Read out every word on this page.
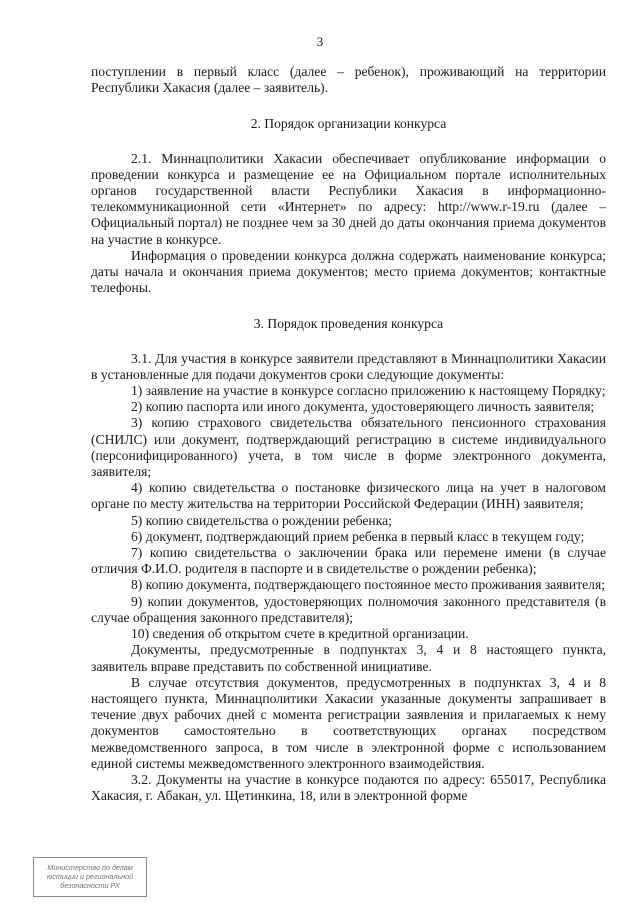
3

поступлении в первый класс (далее – ребенок), проживающий на территории Республики Хакасия (далее – заявитель).

2. Порядок организации конкурса

2.1. Миннацполитики Хакасии обеспечивает опубликование информации о проведении конкурса и размещение ее на Официальном портале исполнительных органов государственной власти Республики Хакасия в информационно-телекоммуникационной сети «Интернет» по адресу: http://www.r-19.ru (далее – Официальный портал) не позднее чем за 30 дней до даты окончания приема документов на участие в конкурсе.

Информация о проведении конкурса должна содержать наименование конкурса; даты начала и окончания приема документов; место приема документов; контактные телефоны.

3. Порядок проведения конкурса

3.1. Для участия в конкурсе заявители представляют в Миннацполитики Хакасии в установленные для подачи документов сроки следующие документы:

1) заявление на участие в конкурсе согласно приложению к настоящему Порядку;

2) копию паспорта или иного документа, удостоверяющего личность заявителя;

3) копию страхового свидетельства обязательного пенсионного страхования (СНИЛС) или документ, подтверждающий регистрацию в системе индивидуального (персонифицированного) учета, в том числе в форме электронного документа, заявителя;

4) копию свидетельства о постановке физического лица на учет в налоговом органе по месту жительства на территории Российской Федерации (ИНН) заявителя;

5) копию свидетельства о рождении ребенка;

6) документ, подтверждающий прием ребенка в первый класс в текущем году;

7) копию свидетельства о заключении брака или перемене имени (в случае отличия Ф.И.О. родителя в паспорте и в свидетельстве о рождении ребенка);

8) копию документа, подтверждающего постоянное место проживания заявителя;

9) копии документов, удостоверяющих полномочия законного представителя (в случае обращения законного представителя);

10) сведения об открытом счете в кредитной организации.

Документы, предусмотренные в подпунктах 3, 4 и 8 настоящего пункта, заявитель вправе представить по собственной инициативе.

В случае отсутствия документов, предусмотренных в подпунктах 3, 4 и 8 настоящего пункта, Миннацполитики Хакасии указанные документы запрашивает в течение двух рабочих дней с момента регистрации заявления и прилагаемых к нему документов самостоятельно в соответствующих органах посредством межведомственного запроса, в том числе в электронной форме с использованием единой системы межведомственного электронного взаимодействия.

3.2. Документы на участие в конкурсе подаются по адресу: 655017, Республика Хакасия, г. Абакан, ул. Щетинкина, 18, или в электронной форме

Министерство по делам
юстиции и региональной
безопасности РХ
